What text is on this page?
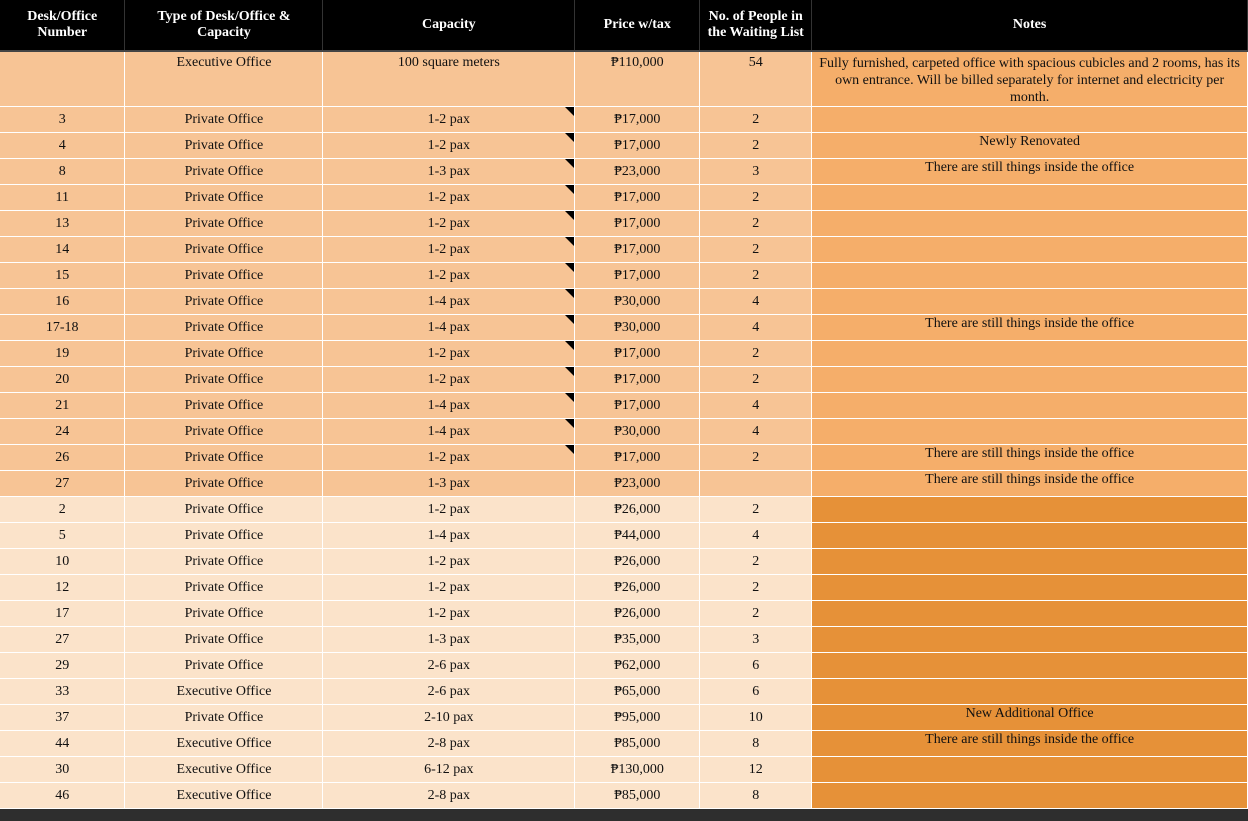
Desk/Office Number	Type of Desk/Office & Capacity	Capacity	Price w/tax	No. of People in the Waiting List	Notes
	Executive Office	100 square meters	₱110,000	54	Fully furnished, carpeted office with spacious cubicles and 2 rooms, has its own entrance. Will be billed separately for internet and electricity per month.
3	Private Office	1-2 pax	₱17,000	2	
4	Private Office	1-2 pax	₱17,000	2	Newly Renovated
8	Private Office	1-3 pax	₱23,000	3	There are still things inside the office
11	Private Office	1-2 pax	₱17,000	2	
13	Private Office	1-2 pax	₱17,000	2	
14	Private Office	1-2 pax	₱17,000	2	
15	Private Office	1-2 pax	₱17,000	2	
16	Private Office	1-4 pax	₱30,000	4	
17-18	Private Office	1-4 pax	₱30,000	4	There are still things inside the office
19	Private Office	1-2 pax	₱17,000	2	
20	Private Office	1-2 pax	₱17,000	2	
21	Private Office	1-4 pax	₱17,000	4	
24	Private Office	1-4 pax	₱30,000	4	
26	Private Office	1-2 pax	₱17,000	2	There are still things inside the office
27	Private Office	1-3 pax	₱23,000		There are still things inside the office
2	Private Office	1-2 pax	₱26,000	2	
5	Private Office	1-4 pax	₱44,000	4	
10	Private Office	1-2 pax	₱26,000	2	
12	Private Office	1-2 pax	₱26,000	2	
17	Private Office	1-2 pax	₱26,000	2	
27	Private Office	1-3 pax	₱35,000	3	
29	Private Office	2-6 pax	₱62,000	6	
33	Executive Office	2-6 pax	₱65,000	6	
37	Private Office	2-10 pax	₱95,000	10	New Additional Office
44	Executive Office	2-8 pax	₱85,000	8	There are still things inside the office
30	Executive Office	6-12 pax	₱130,000	12	
46	Executive Office	2-8 pax	₱85,000	8	
